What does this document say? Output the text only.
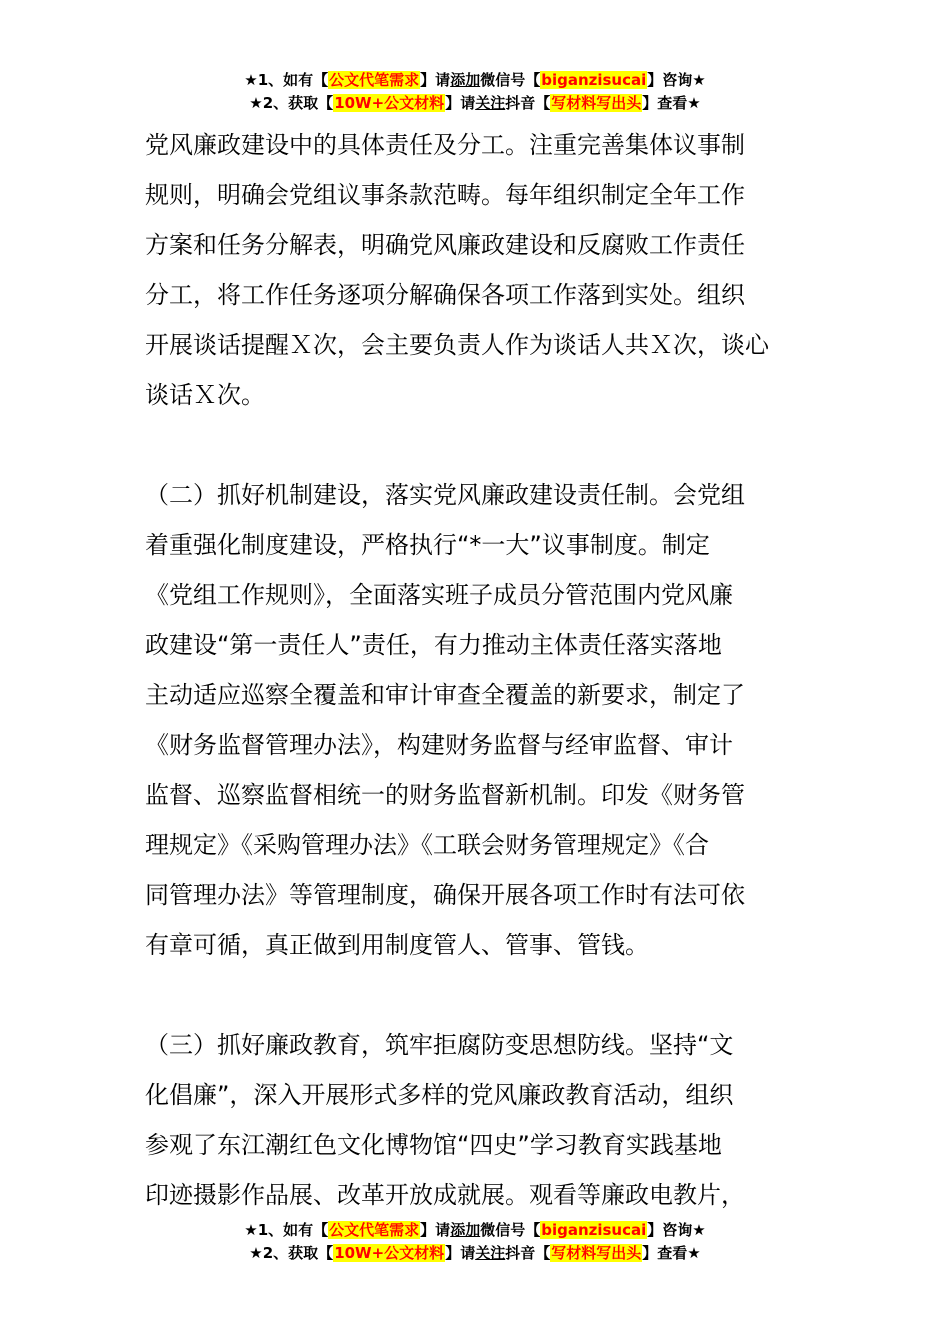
★1、如有【公文代笔需求】请添加微信号【biganzisucai】咨询★
★2、获取【10W+公文材料】请关注抖音【写材料写出头】查看★
党风廉政建设中的具体责任及分工。注重完善集体议事制
规则，明确会党组议事条款范畴。每年组织制定全年工作
方案和任务分解表，明确党风廉政建设和反腐败工作责任
分工，将工作任务逐项分解确保各项工作落到实处。组织
开展谈话提醒Ｘ次，会主要负责人作为谈话人共Ｘ次，谈心
谈话Ｘ次。
（二）抓好机制建设，落实党风廉政建设责任制。会党组
着重强化制度建设，严格执行“*一大”议事制度。制定
《党组工作规则》，全面落实班子成员分管范围内党风廉
政建设“第一责任人”责任，有力推动主体责任落实落地
主动适应巡察全覆盖和审计审查全覆盖的新要求，制定了
《财务监督管理办法》，构建财务监督与经审监督、审计
监督、巡察监督相统一的财务监督新机制。印发《财务管
理规定》《采购管理办法》《工联会财务管理规定》《合
同管理办法》等管理制度，确保开展各项工作时有法可依
有章可循，真正做到用制度管人、管事、管钱。
（三）抓好廉政教育，筑牢拒腐防变思想防线。坚持“文
化倡廉”，深入开展形式多样的党风廉政教育活动，组织
参观了东江潮红色文化博物馆“四史”学习教育实践基地
印迹摄影作品展、改革开放成就展。观看等廉政电教片，
★1、如有【公文代笔需求】请添加微信号【biganzisucai】咨询★
★2、获取【10W+公文材料】请关注抖音【写材料写出头】查看★
